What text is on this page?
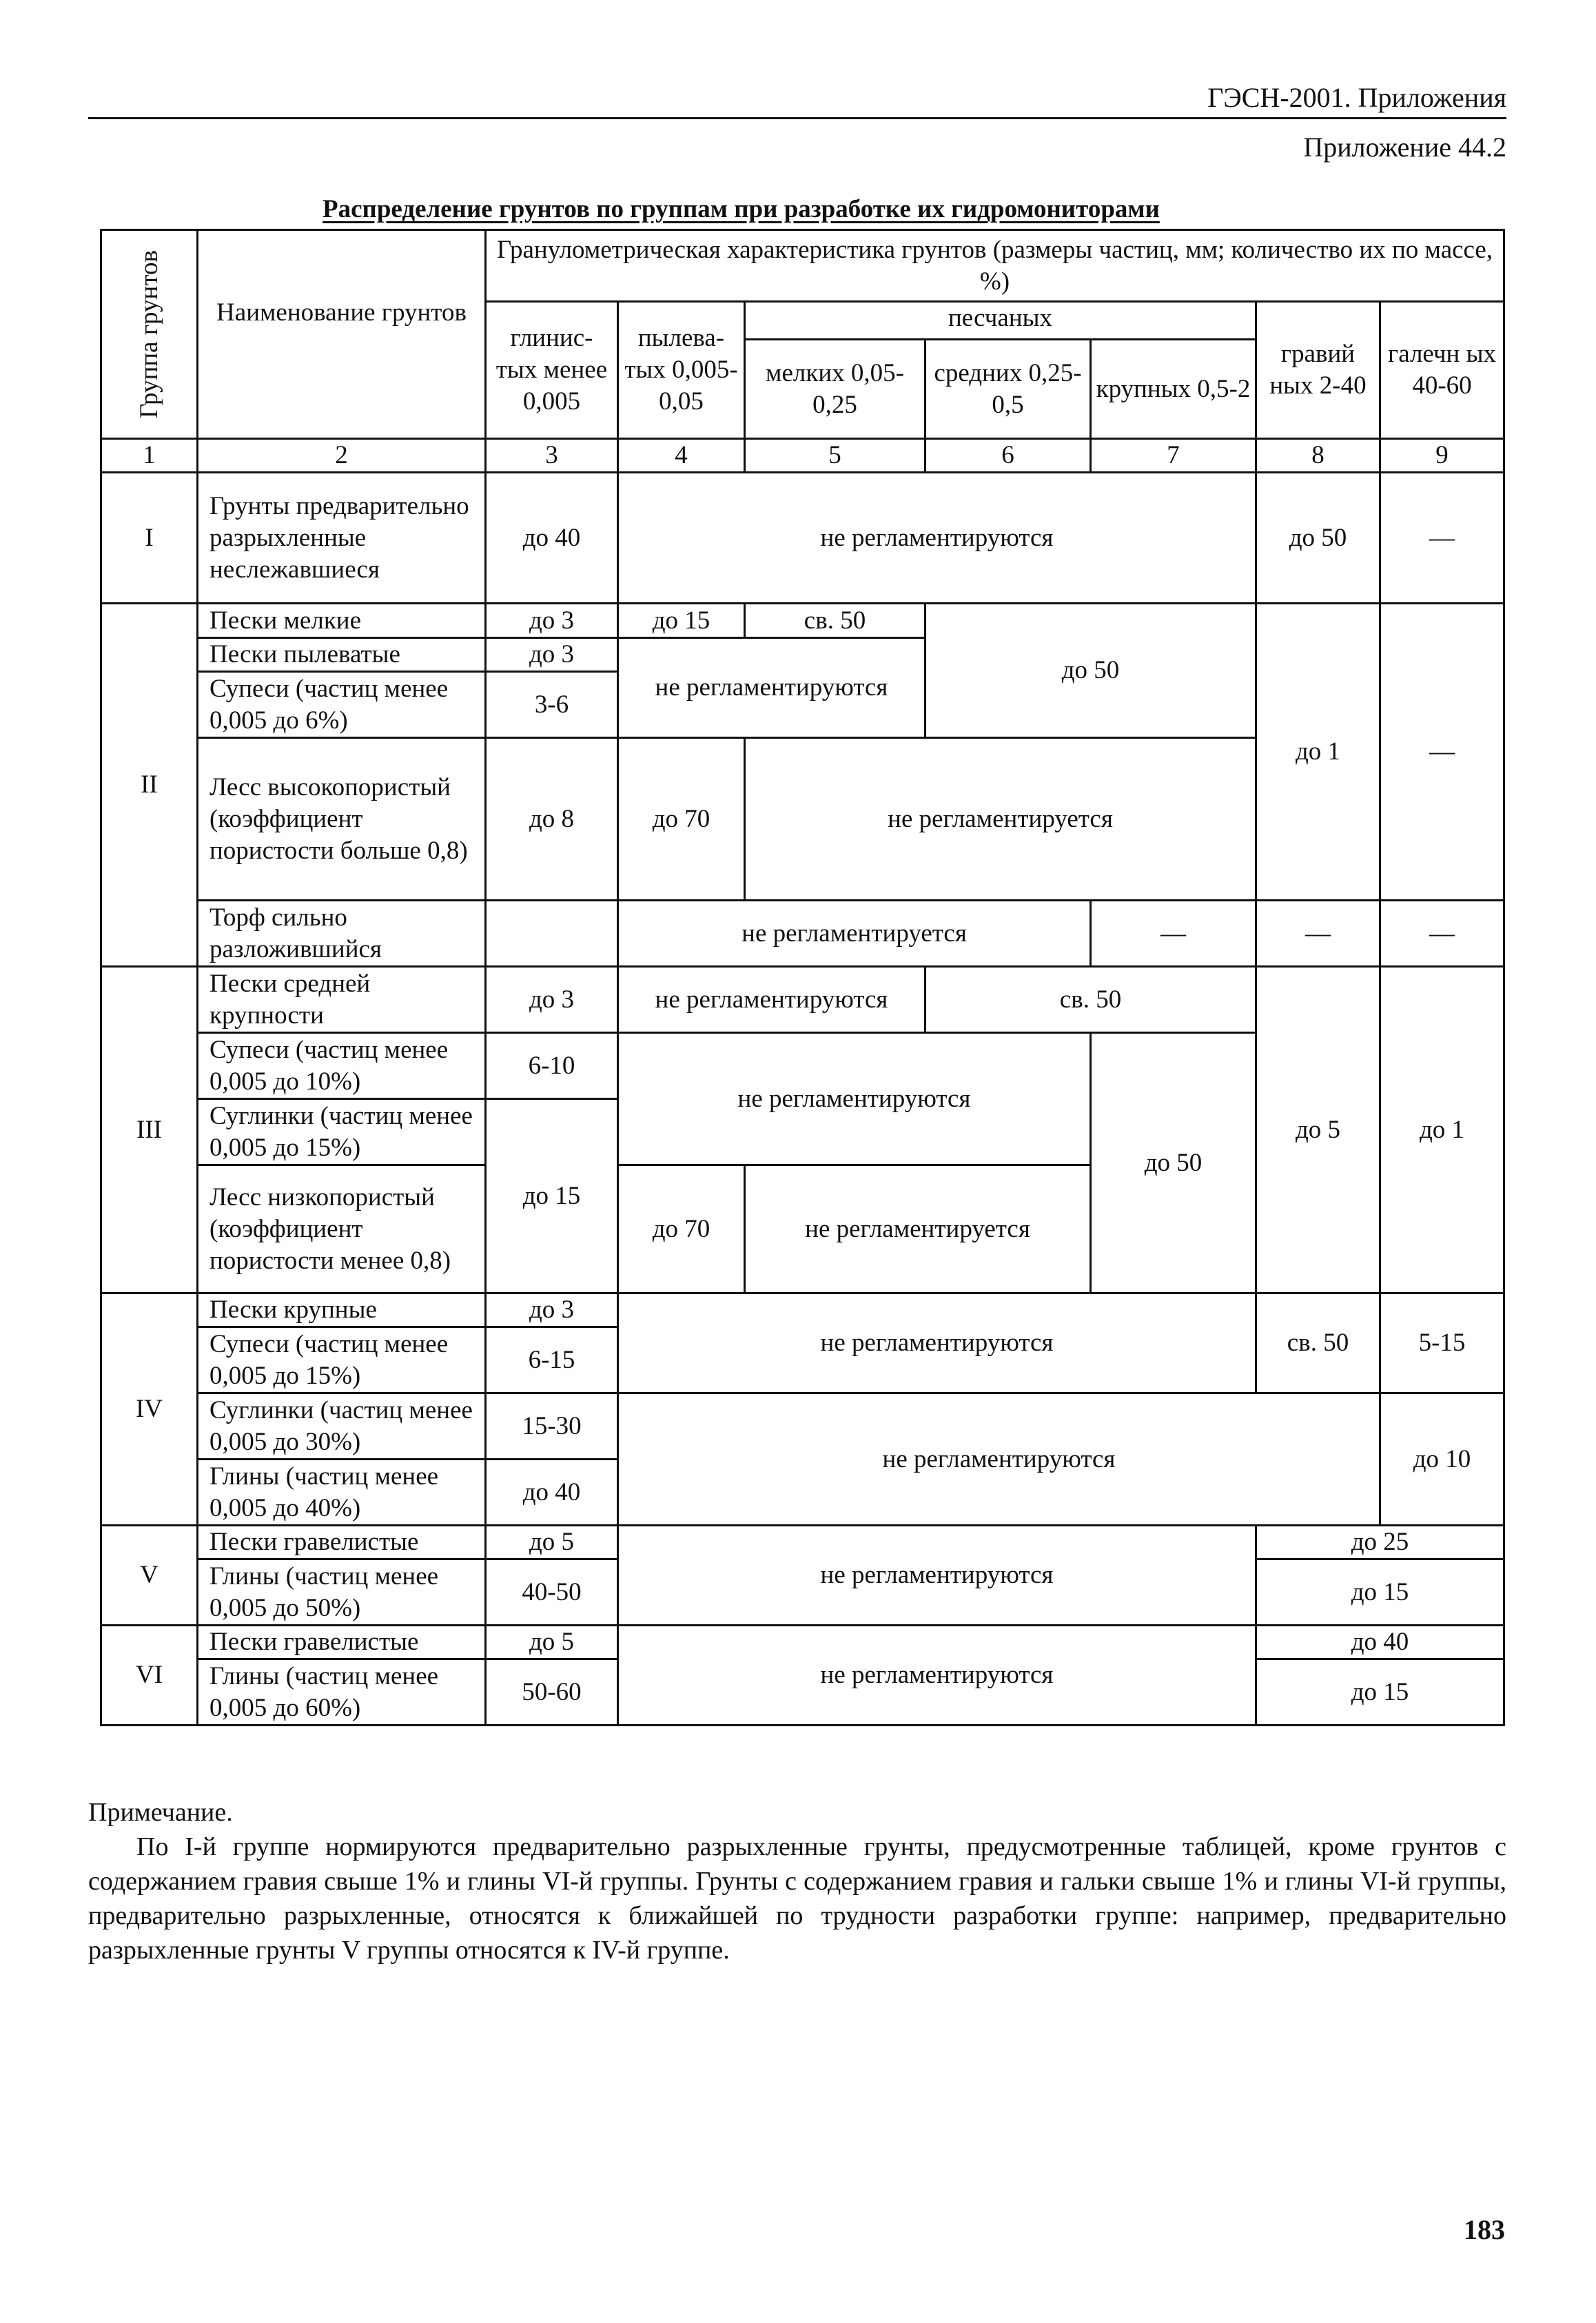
ГЭСН-2001. Приложения
Приложение 44.2
Распределение грунтов по группам при разработке их гидромониторами
Группа грунтов	Наименование грунтов	Гранулометрическая характеристика грунтов (размеры частиц, мм; количество их по массе, %)							
		глинис-тых менее 0,005	пылева-тых 0,005-0,05	песчаных			гравий ных 2-40	галечн ых 40-60	
				мелких 0,05-0,25	средних 0,25-0,5	крупных 0,5-2			
1	2	3	4	5	6	7	8	9	
I	Грунты предварительно разрыхленные неслежавшиеся	до 40	не регламентируются				до 50	—	
II	Пески мелкие	до 3	до 15	св. 50	до 50		до 1	—	
	Пески пылеватые	до 3	не регламентируются						
	Супеси (частиц менее 0,005 до 6%)	3-6							
	Лесс высокопористый (коэффициент пористости больше 0,8)	до 8	до 70	не регламентируется					
	Торф сильно разложившийся		не регламентируется			—	—	—	
III	Пески средней крупности	до 3	не регламентируются		св. 50		до 5	до 1	
	Супеси (частиц менее 0,005 до 10%)	6-10	не регламентируются			до 50			
	Суглинки (частиц менее 0,005 до 15%)	до 15							
	Лесс низкопористый (коэффициент пористости менее 0,8)		до 70	не регламентируется					
IV	Пески крупные	до 3	не регламентируются				св. 50	5-15	
	Супеси (частиц менее 0,005 до 15%)	6-15							
	Суглинки (частиц менее 0,005 до 30%)	15-30	не регламентируются					до 10	
	Глины (частиц менее 0,005 до 40%)	до 40							
V	Пески гравелистые	до 5	не регламентируются				до 25		
	Глины (частиц менее 0,005 до 50%)	40-50					до 15		
VI	Пески гравелистые	до 5	не регламентируются				до 40		
	Глины (частиц менее 0,005 до 60%)	50-60					до 15		

Примечание.

По I-й группе нормируются предварительно разрыхленные грунты, предусмотренные таблицей, кроме грунтов с содержанием гравия свыше 1% и глины VI-й группы. Грунты с содержанием гравия и гальки свыше 1% и глины VI-й группы, предварительно разрыхленные, относятся к ближайшей по трудности разработки группе: например, предварительно разрыхленные грунты V группы относятся к IV-й группе.

183
